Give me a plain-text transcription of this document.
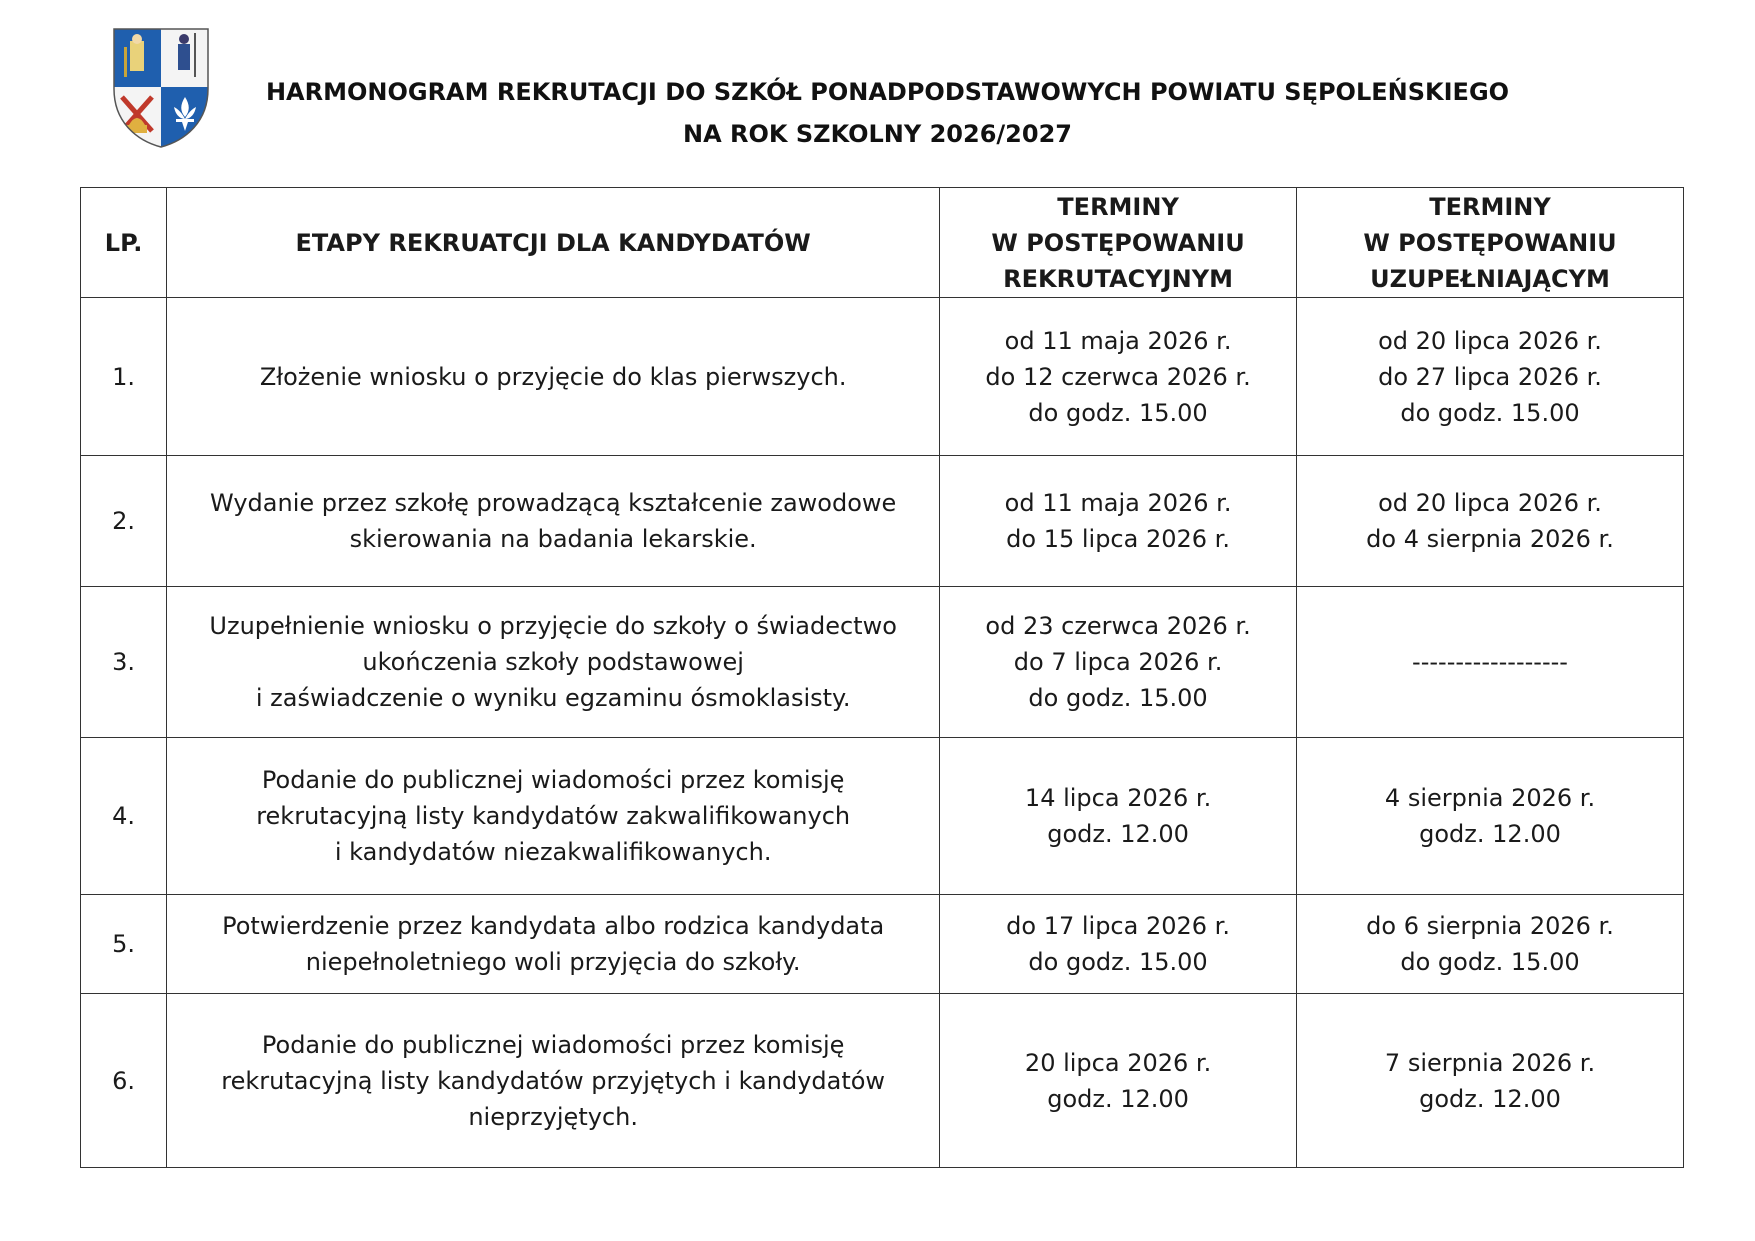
HARMONOGRAM REKRUTACJI DO SZKÓŁ PONADPODSTAWOWYCH POWIATU SĘPOLEŃSKIEGO
NA ROK SZKOLNY 2026/2027
LP.	ETAPY REKRUATCJI DLA KANDYDATÓW	TERMINY
W POSTĘPOWANIU
REKRUTACYJNYM	TERMINY
W POSTĘPOWANIU
UZUPEŁNIAJĄCYM

1.	Złożenie wniosku o przyjęcie do klas pierwszych.	od 11 maja 2026 r.
do 12 czerwca 2026 r.
do godz. 15.00	od 20 lipca 2026 r.
do 27 lipca 2026 r.
do godz. 15.00

2.	Wydanie przez szkołę prowadzącą kształcenie zawodowe
skierowania na badania lekarskie.	od 11 maja 2026 r.
do 15 lipca 2026 r.	od 20 lipca 2026 r.
do 4 sierpnia 2026 r.

3.	Uzupełnienie wniosku o przyjęcie do szkoły o świadectwo
ukończenia szkoły podstawowej
i zaświadczenie o wyniku egzaminu ósmoklasisty.	od 23 czerwca 2026 r.
do 7 lipca 2026 r.
do godz. 15.00	------------------

4.	Podanie do publicznej wiadomości przez komisję
rekrutacyjną listy kandydatów zakwalifikowanych
i kandydatów niezakwalifikowanych.	14 lipca 2026 r.
godz. 12.00	4 sierpnia 2026 r.
godz. 12.00

5.	Potwierdzenie przez kandydata albo rodzica kandydata
niepełnoletniego woli przyjęcia do szkoły.	do 17 lipca 2026 r.
do godz. 15.00	do 6 sierpnia 2026 r.
do godz. 15.00

6.	Podanie do publicznej wiadomości przez komisję
rekrutacyjną listy kandydatów przyjętych i kandydatów
nieprzyjętych.	20 lipca 2026 r.
godz. 12.00	7 sierpnia 2026 r.
godz. 12.00
